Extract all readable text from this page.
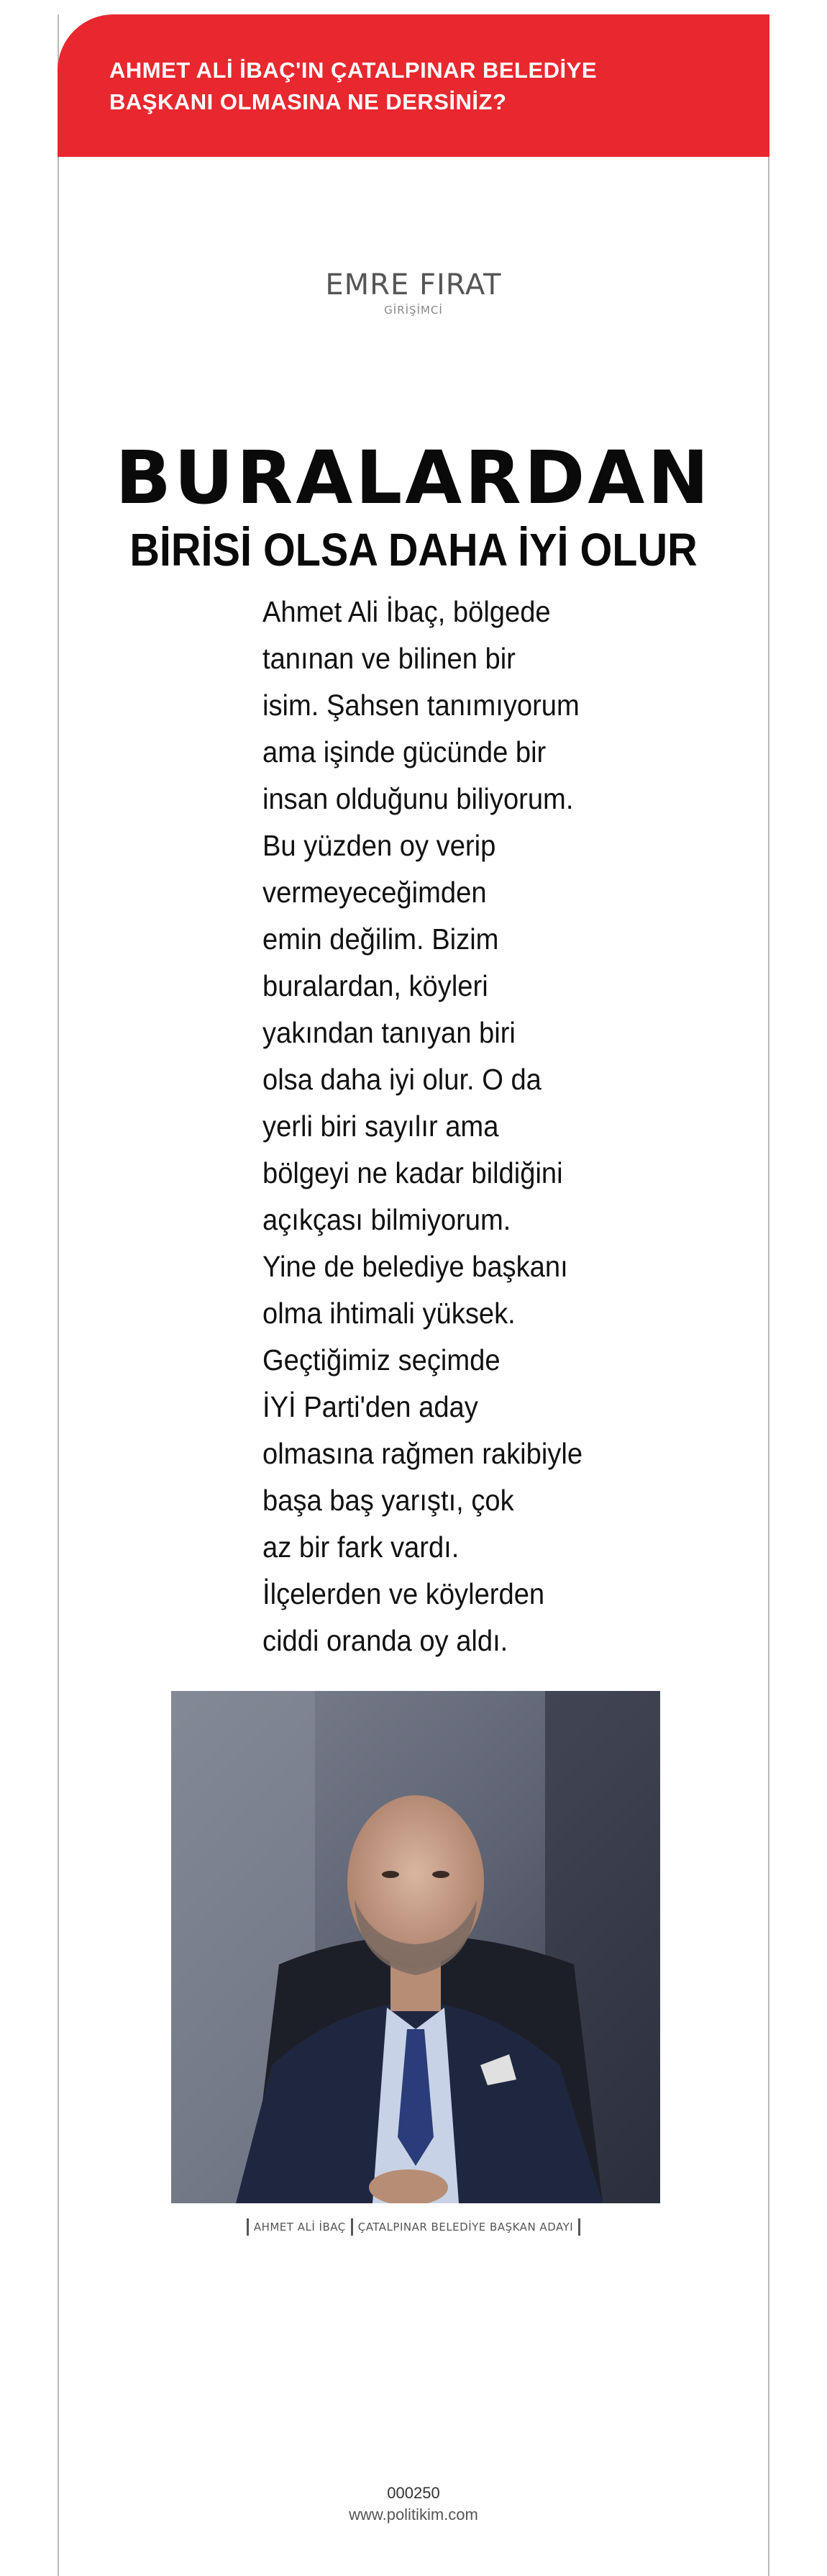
AHMET ALİ İBAÇ'IN ÇATALPINAR BELEDİYE
BAŞKANI OLMASINA NE DERSİNİZ?
EMRE FIRAT
GİRİŞİMCİ
BURALARDAN
BİRİSİ OLSA DAHA İYİ OLUR
Ahmet Ali İbaç, bölgede
tanınan ve bilinen bir
isim. Şahsen tanımıyorum
ama işinde gücünde bir
insan olduğunu biliyorum.
Bu yüzden oy verip
vermeyeceğimden
emin değilim. Bizim
buralardan, köyleri
yakından tanıyan biri
olsa daha iyi olur. O da
yerli biri sayılır ama
bölgeyi ne kadar bildiğini
açıkçası bilmiyorum.
Yine de belediye başkanı
olma ihtimali yüksek.
Geçtiğimiz seçimde
İYİ Parti'den aday
olmasına rağmen rakibiyle
başa baş yarıştı, çok
az bir fark vardı.
İlçelerden ve köylerden
ciddi oranda oy aldı.
AHMET ALİ İBAÇ ÇATALPINAR BELEDİYE BAŞKAN ADAYI
000250
www.politikim.com
